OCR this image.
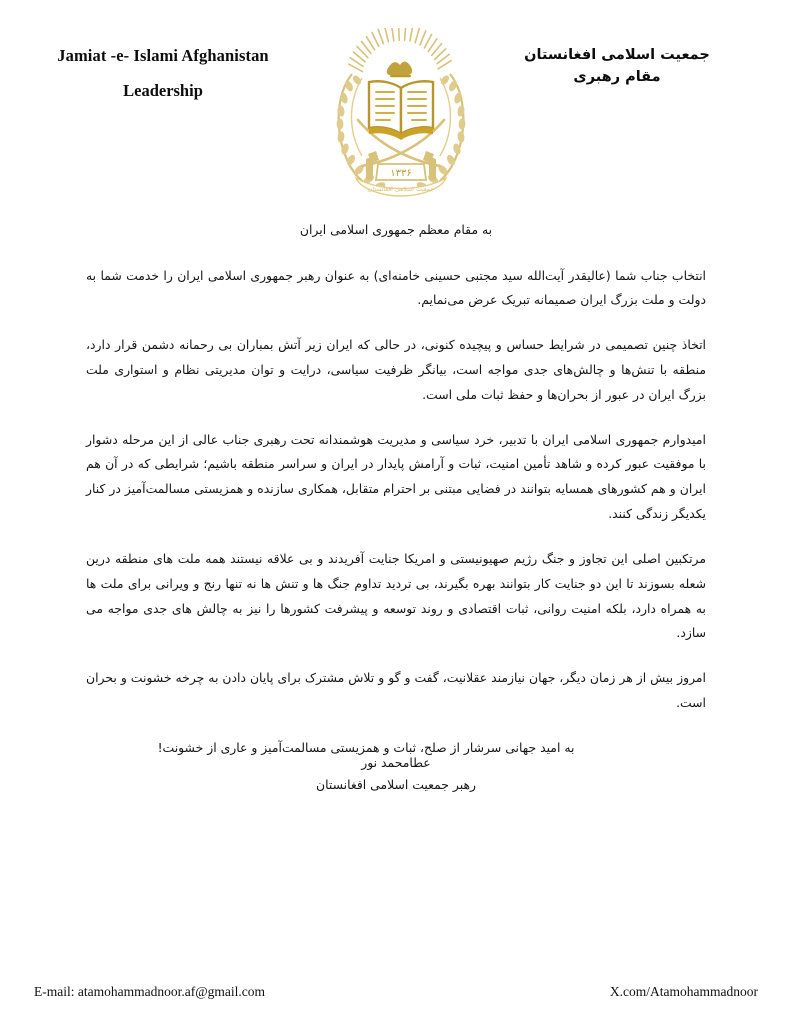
Jamiat -e- Islami Afghanistan
Leadership
جمعیت اسلامی افغانستان
مقام رهبری
۱۳۳۶
جمعیت اسلامی افغانستان

به مقام معظم جمهوری اسلامی ایران

انتخاب جناب شما (عالیقدر آیت‌الله سید مجتبی حسینی خامنه‌ای) به عنوان رهبر جمهوری اسلامی ایران را خدمت شما به دولت و ملت بزرگ ایران صمیمانه تبریک عرض می‌نمایم.

اتخاذ چنین تصمیمی در شرایط حساس و پیچیده کنونی، در حالی که ایران زیر آتش بمباران بی رحمانه دشمن قرار دارد، منطقه با تنش‌ها و چالش‌های جدی مواجه است، بیانگر ظرفیت سیاسی، درایت و توان مدیریتی نظام و استواری ملت بزرگ ایران در عبور از بحران‌ها و حفظ ثبات ملی است.

امیدوارم جمهوری اسلامی ایران با تدبیر، خرد سیاسی و مدیریت هوشمندانه تحت رهبری جناب عالی از این مرحله دشوار با موفقیت عبور کرده و شاهد تأمین امنیت، ثبات و آرامش پایدار در ایران و سراسر منطقه باشیم؛ شرایطی که در آن هم ایران و هم کشورهای همسایه بتوانند در فضایی مبتنی بر احترام متقابل، همکاری سازنده و همزیستی مسالمت‌آمیز در کنار یکدیگر زندگی کنند.

مرتکبین اصلی این تجاوز و جنگ رژیم صهیونیستی و امریکا جنایت آفریدند و بی علاقه نیستند همه ملت های منطقه درین شعله بسوزند تا این دو جنایت کار بتوانند بهره بگیرند، بی تردید تداوم جنگ ها و تنش ها نه تنها رنج و ویرانی برای ملت ها به همراه دارد، بلکه امنیت روانی، ثبات اقتصادی و روند توسعه و پیشرفت کشورها را نیز به چالش های جدی مواجه می سازد.

امروز بیش از هر زمان دیگر، جهان نیازمند عقلانیت، گفت و گو و تلاش مشترک برای پایان دادن به چرخه خشونت و بحران است.

به امید جهانی سرشار از صلح، ثبات و همزیستی مسالمت‌آمیز و عاری از خشونت!

عطامحمد نور
رهبر جمعیت اسلامی افغانستان
E-mail: atamohammadnoor.af@gmail.com	X.com/Atamohammadnoor
